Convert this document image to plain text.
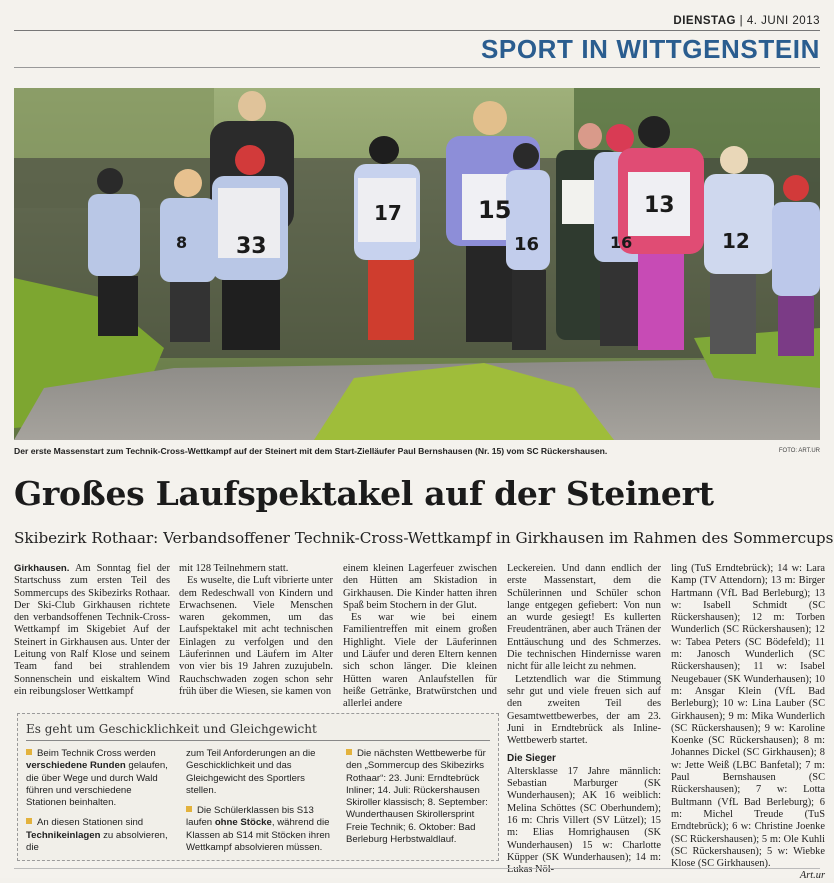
DIENSTAG | 4. JUNI 2013
SPORT IN WITTGENSTEIN
33
17	15
16
13
12
16
8
Der erste Massenstart zum Technik-Cross-Wettkampf auf der Steinert mit dem Start-Zielläufer Paul Bernshausen (Nr. 15) vom SC Rückershausen.	FOTO: ART.UR
Großes Laufspektakel auf der Steinert
Skibezirk Rothaar: Verbandsoffener Technik-Cross-Wettkampf in Girkhausen im Rahmen des Sommercups

Girkhausen. Am Sonntag fiel der Startschuss zum ersten Teil des Sommercups des Skibezirks Rothaar. Der Ski-Club Girkhausen richtete den verbandsoffenen Technik-Cross-Wettkampf im Skigebiet Auf der Steinert in Girkhausen aus. Unter der Leitung von Ralf Klose und seinem Team fand bei strahlendem Sonnenschein und eiskaltem Wind ein reibungsloser Wettkampf

mit 128 Teilnehmern statt.

Es wuselte, die Luft vibrierte unter dem Redeschwall von Kindern und Erwachsenen. Viele Menschen waren gekommen, um das Laufspektakel mit acht technischen Einlagen zu verfolgen und den Läuferinnen und Läufern im Alter von vier bis 19 Jahren zuzujubeln. Rauchschwaden zogen schon sehr früh über die Wiesen, sie kamen von

einem kleinen Lagerfeuer zwischen den Hütten am Skistadion in Girkhausen. Die Kinder hatten ihren Spaß beim Stochern in der Glut.

Es war wie bei einem Familientreffen mit einem großen Highlight. Viele der Läuferinnen und Läufer und deren Eltern kennen sich schon länger. Die kleinen Hütten waren Anlaufstellen für heiße Getränke, Bratwürstchen und allerlei andere

Leckereien. Und dann endlich der erste Massenstart, dem die Schülerinnen und Schüler schon lange entgegen gefiebert: Von nun an wurde gesiegt! Es kullerten Freudentränen, aber auch Tränen der Enttäuschung und des Schmerzes. Die technischen Hindernisse waren nicht für alle leicht zu nehmen.

Letztendlich war die Stimmung sehr gut und viele freuen sich auf den zweiten Teil des Gesamtwettbewerbes, der am 23. Juni in Erndtebrück als Inline-Wettbewerb startet.

Die Sieger

Altersklasse 17 Jahre männlich: Sebastian Marburger (SK Wunderhausen); AK 16 weiblich: Melina Schöttes (SC Oberhundem); 16 m: Chris Villert (SV Lützel); 15 m: Elias Homrighausen (SK Wunderhausen) 15 w: Charlotte Küpper (SK Wunderhausen); 14 m: Lukas Nöl-

ling (TuS Erndtebrück); 14 w: Lara Kamp (TV Attendorn); 13 m: Birger Hartmann (VfL Bad Berleburg); 13 w: Isabell Schmidt (SC Rückershausen); 12 m: Torben Wunderlich (SC Rückershausen); 12 w: Tabea Peters (SC Bödefeld); 11 m: Janosch Wunderlich (SC Rückershausen); 11 w: Isabel Neugebauer (SK Wunderhausen); 10 m: Ansgar Klein (VfL Bad Berleburg); 10 w: Lina Lauber (SC Girkhausen); 9 m: Mika Wunderlich (SC Rückershausen); 9 w: Karoline Koenke (SC Rückershausen); 8 m: Johannes Dickel (SC Girkhausen); 8 w: Jette Weiß (LBC Banfetal); 7 m: Paul Bernshausen (SC Rückershausen); 7 w: Lotta Bultmann (VfL Bad Berleburg); 6 m: Michel Treude (TuS Erndtebrück); 6 w: Christine Joenke (SC Rückershausen); 5 m: Ole Kuhli (SC Rückershausen); 5 w: Wiebke Klose (SC Girkhausen).

Art.ur

Es geht um Geschicklichkeit und Gleichgewicht

Beim Technik Cross werden verschiedene Runden gelaufen, die über Wege und durch Wald führen und verschiedene Stationen beinhalten.

An diesen Stationen sind Technikeinlagen zu absolvieren, die

zum Teil Anforderungen an die Geschicklichkeit und das Gleichgewicht des Sportlers stellen.

Die Schülerklassen bis S13 laufen ohne Stöcke, während die Klassen ab S14 mit Stöcken ihren Wettkampf absolvieren müssen.

Die nächsten Wettbewerbe für den „Sommercup des Skibezirks Rothaar“: 23. Juni: Erndtebrück Inliner; 14. Juli: Rückershausen Skiroller klassisch; 8. September: Wunderthausen Skirollersprint Freie Technik; 6. Oktober: Bad Berleburg Herbstwaldlauf.
